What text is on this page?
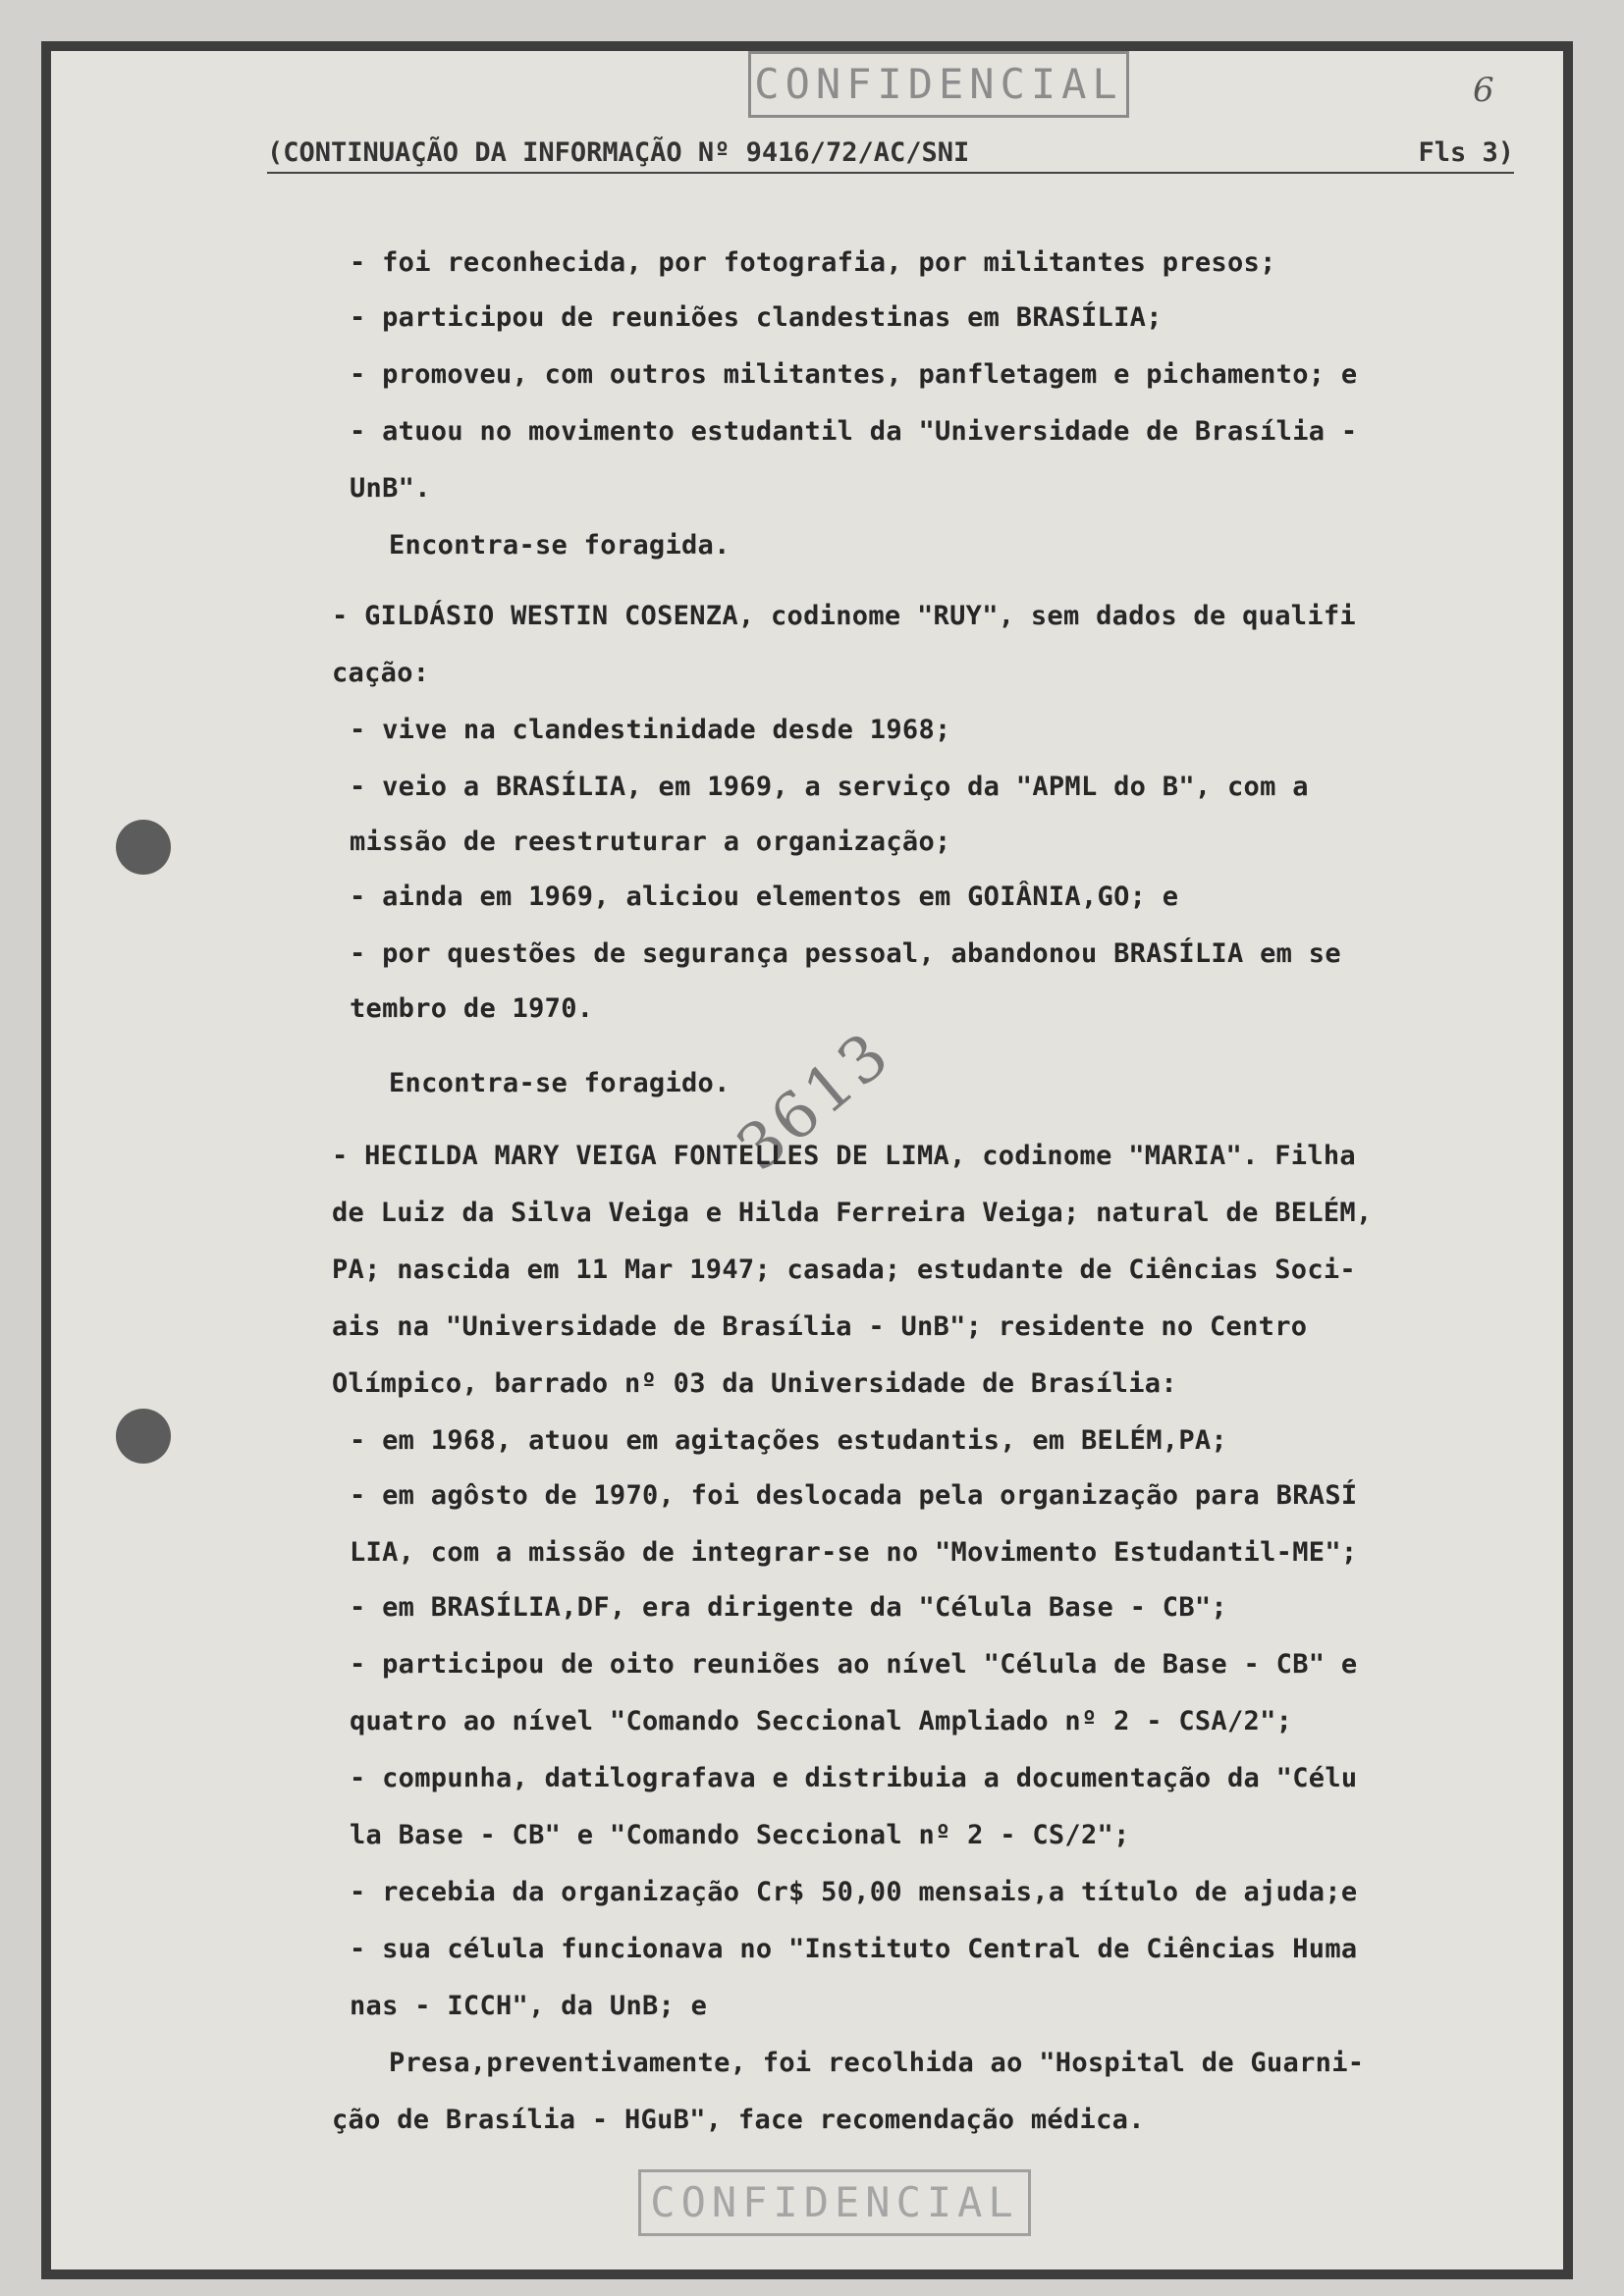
CONFIDENCIAL	6
(CONTINUAÇÃO DA INFORMAÇÃO Nº 9416/72/AC/SNI	Fls 3)
- foi reconhecida, por fotografia, por militantes presos;
- participou de reuniões clandestinas em BRASÍLIA;
- promoveu, com outros militantes, panfletagem e pichamento; e
- atuou no movimento estudantil da "Universidade de Brasília -
UnB".
Encontra-se foragida.
- GILDÁSIO WESTIN COSENZA, codinome "RUY", sem dados de qualifi
cação:
- vive na clandestinidade desde 1968;
- veio a BRASÍLIA, em 1969, a serviço da "APML do B", com a
missão de reestruturar a organização;
- ainda em 1969, aliciou elementos em GOIÂNIA,GO; e
- por questões de segurança pessoal, abandonou BRASÍLIA em se
tembro de 1970.
Encontra-se foragido.
3613
- HECILDA MARY VEIGA FONTELLES DE LIMA, codinome "MARIA". Filha
de Luiz da Silva Veiga e Hilda Ferreira Veiga; natural de BELÉM,
PA; nascida em 11 Mar 1947; casada; estudante de Ciências Soci-
ais na "Universidade de Brasília - UnB"; residente no Centro
Olímpico, barrado nº 03 da Universidade de Brasília:
- em 1968, atuou em agitações estudantis, em BELÉM,PA;
- em agôsto de 1970, foi deslocada pela organização para BRASÍ
LIA, com a missão de integrar-se no "Movimento Estudantil-ME";
- em BRASÍLIA,DF, era dirigente da "Célula Base - CB";
- participou de oito reuniões ao nível "Célula de Base - CB" e
quatro ao nível "Comando Seccional Ampliado nº 2 - CSA/2";
- compunha, datilografava e distribuia a documentação da "Célu
la Base - CB" e "Comando Seccional nº 2 - CS/2";
- recebia da organização Cr$ 50,00 mensais,a título de ajuda;e
- sua célula funcionava no "Instituto Central de Ciências Huma
nas - ICCH", da UnB; e
Presa,preventivamente, foi recolhida ao "Hospital de Guarni-
ção de Brasília - HGuB", face recomendação médica.
CONFIDENCIAL
